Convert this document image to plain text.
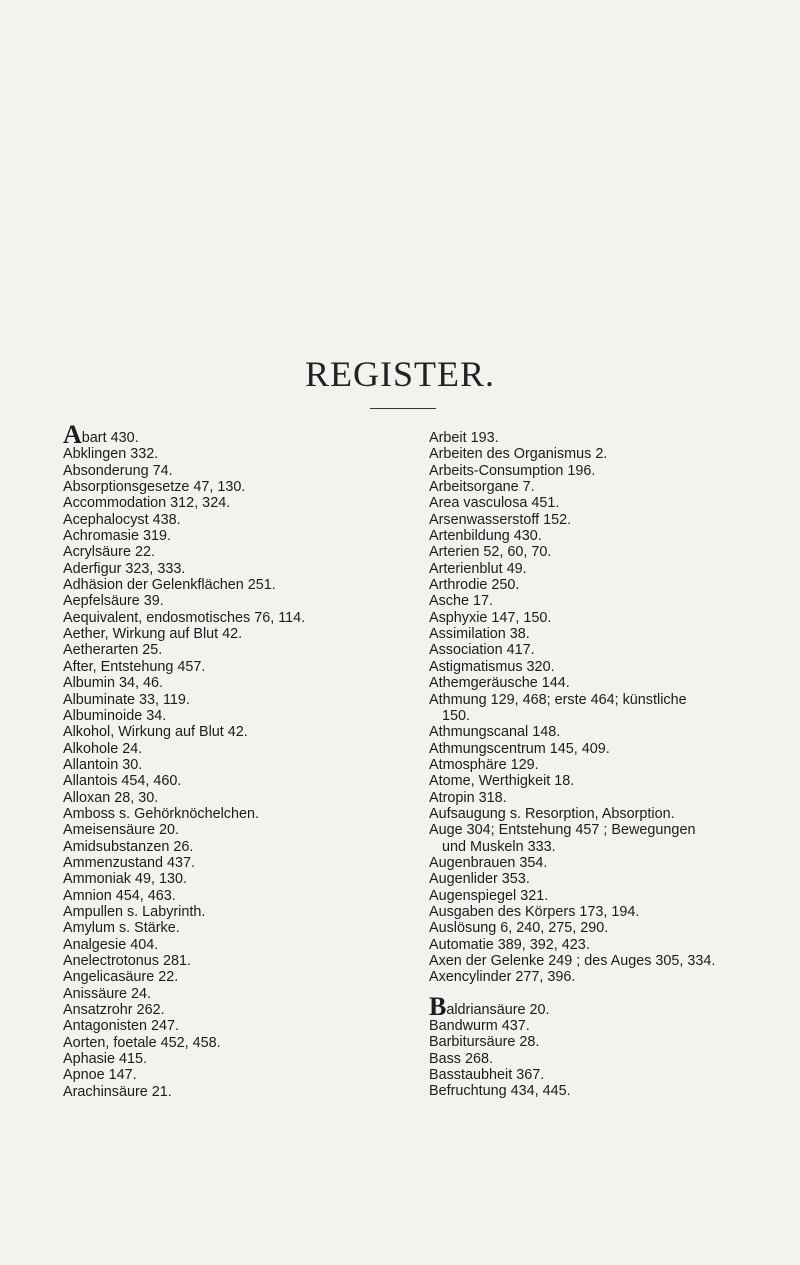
REGISTER.
Abart 430.
Abklingen 332.
Absonderung 74.
Absorptionsgesetze 47, 130.
Accommodation 312, 324.
Acephalocyst 438.
Achromasie 319.
Acrylsäure 22.
Aderfigur 323, 333.
Adhäsion der Gelenkflächen 251.
Aepfelsäure 39.
Aequivalent, endosmotisches 76, 114.
Aether, Wirkung auf Blut 42.
Aetherarten 25.
After, Entstehung 457.
Albumin 34, 46.
Albuminate 33, 119.
Albuminoide 34.
Alkohol, Wirkung auf Blut 42.
Alkohole 24.
Allantoin 30.
Allantois 454, 460.
Alloxan 28, 30.
Amboss s. Gehörknöchelchen.
Ameisensäure 20.
Amidsubstanzen 26.
Ammenzustand 437.
Ammoniak 49, 130.
Amnion 454, 463.
Ampullen s. Labyrinth.
Amylum s. Stärke.
Analgesie 404.
Anelectrotonus 281.
Angelicasäure 22.
Anissäure 24.
Ansatzrohr 262.
Antagonisten 247.
Aorten, foetale 452, 458.
Aphasie 415.
Apnoe 147.
Arachinsäure 21.
Arbeit 193.
Arbeiten des Organismus 2.
Arbeits-Consumption 196.
Arbeitsorgane 7.
Area vasculosa 451.
Arsenwasserstoff 152.
Artenbildung 430.
Arterien 52, 60, 70.
Arterienblut 49.
Arthrodie 250.
Asche 17.
Asphyxie 147, 150.
Assimilation 38.
Association 417.
Astigmatismus 320.
Athemgeräusche 144.
Athmung 129, 468; erste 464; künstliche
150.
Athmungscanal 148.
Athmungscentrum 145, 409.
Atmosphäre 129.
Atome, Werthigkeit 18.
Atropin 318.
Aufsaugung s. Resorption, Absorption.
Auge 304; Entstehung 457 ; Bewegungen
und Muskeln 333.
Augenbrauen 354.
Augenlider 353.
Augenspiegel 321.
Ausgaben des Körpers 173, 194.
Auslösung 6, 240, 275, 290.
Automatie 389, 392, 423.
Axen der Gelenke 249 ; des Auges 305, 334.
Axencylinder 277, 396.
Baldriansäure 20.
Bandwurm 437.
Barbitursäure 28.
Bass 268.
Basstaubheit 367.
Befruchtung 434, 445.
